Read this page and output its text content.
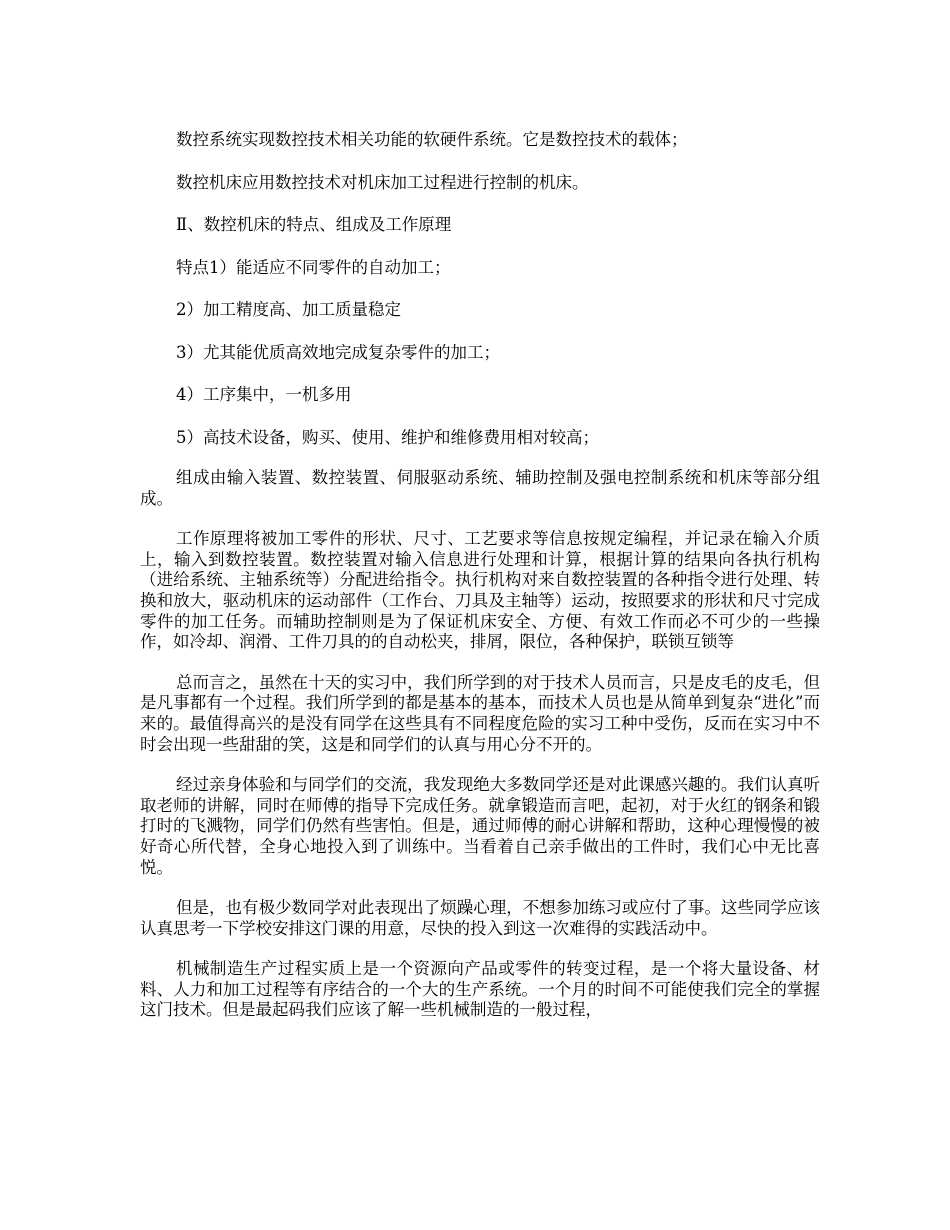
数控系统实现数控技术相关功能的软硬件系统。它是数控技术的载体；

数控机床应用数控技术对机床加工过程进行控制的机床。

Ⅱ、数控机床的特点、组成及工作原理

特点1）能适应不同零件的自动加工；

2）加工精度高、加工质量稳定

3）尤其能优质高效地完成复杂零件的加工；

4）工序集中，一机多用

5）高技术设备，购买、使用、维护和维修费用相对较高；

组成由输入装置、数控装置、伺服驱动系统、辅助控制及强电控制系统和机床等部分组成。

工作原理将被加工零件的形状、尺寸、工艺要求等信息按规定编程，并记录在输入介质上，输入到数控装置。数控装置对输入信息进行处理和计算，根据计算的结果向各执行机构（进给系统、主轴系统等）分配进给指令。执行机构对来自数控装置的各种指令进行处理、转换和放大，驱动机床的运动部件（工作台、刀具及主轴等）运动，按照要求的形状和尺寸完成零件的加工任务。而辅助控制则是为了保证机床安全、方便、有效工作而必不可少的一些操作，如冷却、润滑、工件刀具的的自动松夹，排屑，限位，各种保护，联锁互锁等

总而言之，虽然在十天的实习中，我们所学到的对于技术人员而言，只是皮毛的皮毛，但是凡事都有一个过程。我们所学到的都是基本的基本，而技术人员也是从简单到复杂“进化”而来的。最值得高兴的是没有同学在这些具有不同程度危险的实习工种中受伤，反而在实习中不时会出现一些甜甜的笑，这是和同学们的认真与用心分不开的。

经过亲身体验和与同学们的交流，我发现绝大多数同学还是对此课感兴趣的。我们认真听取老师的讲解，同时在师傅的指导下完成任务。就拿锻造而言吧，起初，对于火红的钢条和锻打时的飞溅物，同学们仍然有些害怕。但是，通过师傅的耐心讲解和帮助，这种心理慢慢的被好奇心所代替，全身心地投入到了训练中。当看着自己亲手做出的工件时，我们心中无比喜悦。

但是，也有极少数同学对此表现出了烦躁心理，不想参加练习或应付了事。这些同学应该认真思考一下学校安排这门课的用意，尽快的投入到这一次难得的实践活动中。

机械制造生产过程实质上是一个资源向产品或零件的转变过程，是一个将大量设备、材料、人力和加工过程等有序结合的一个大的生产系统。一个月的时间不可能使我们完全的掌握这门技术。但是最起码我们应该了解一些机械制造的一般过程，
